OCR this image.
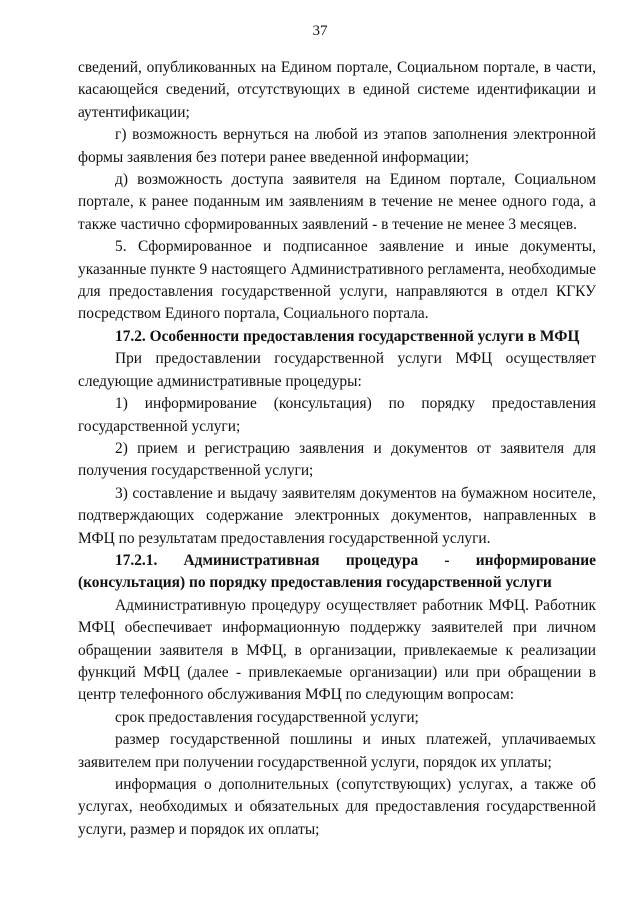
37

сведений, опубликованных на Едином портале, Социальном портале, в части, касающейся сведений, отсутствующих в единой системе идентификации и аутентификации;

г) возможность вернуться на любой из этапов заполнения электронной формы заявления без потери ранее введенной информации;

д) возможность доступа заявителя на Едином портале, Социальном портале, к ранее поданным им заявлениям в течение не менее одного года, а также частично сформированных заявлений - в течение не менее 3 месяцев.

5. Сформированное и подписанное заявление и иные документы, указанные пункте 9 настоящего Административного регламента, необходимые для предоставления государственной услуги, направляются в отдел КГКУ посредством Единого портала, Социального портала.

17.2. Особенности предоставления государственной услуги в МФЦ

При предоставлении государственной услуги МФЦ осуществляет следующие административные процедуры:

1) информирование (консультация) по порядку предоставления государственной услуги;

2) прием и регистрацию заявления и документов от заявителя для получения государственной услуги;

3) составление и выдачу заявителям документов на бумажном носителе, подтверждающих содержание электронных документов, направленных в МФЦ по результатам предоставления государственной услуги.

17.2.1. Административная процедура - информирование (консультация) по порядку предоставления государственной услуги

Административную процедуру осуществляет работник МФЦ. Работник МФЦ обеспечивает информационную поддержку заявителей при личном обращении заявителя в МФЦ, в организации, привлекаемые к реализации функций МФЦ (далее - привлекаемые организации) или при обращении в центр телефонного обслуживания МФЦ по следующим вопросам:

срок предоставления государственной услуги;

размер государственной пошлины и иных платежей, уплачиваемых заявителем при получении государственной услуги, порядок их уплаты;

информация о дополнительных (сопутствующих) услугах, а также об услугах, необходимых и обязательных для предоставления государственной услуги, размер и порядок их оплаты;
